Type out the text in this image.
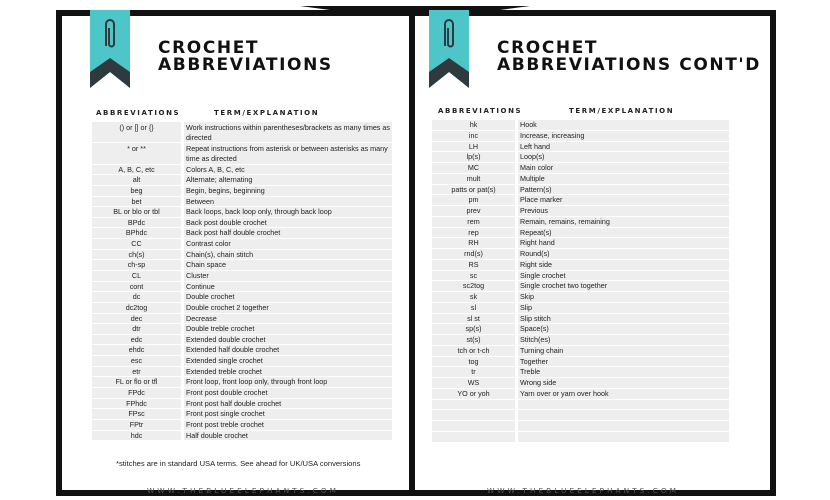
CROCHET ABBREVIATIONS
ABBREVIATIONS	TERM/EXPLANATION
() or [] or {}	Work instructions within parentheses/brackets as many times as directed
* or **	Repeat instructions from asterisk or between asterisks as many time as directed
A, B, C, etc	Colors A, B, C, etc
alt	Alternate; alternating
beg	Begin, begins, beginning
bet	Between
BL or blo or tbl	Back loops, back loop only, through back loop
BPdc	Back post double crochet
BPhdc	Back post half double crochet
CC	Contrast color
ch(s)	Chain(s), chain stitch
ch-sp	Chain space
CL	Cluster
cont	Continue
dc	Double crochet
dc2tog	Double crochet 2 together
dec	Decrease
dtr	Double treble crochet
edc	Extended double crochet
ehdc	Extended half double crochet
esc	Extended single crochet
etr	Extended treble crochet
FL or flo or tfl	Front loop, front loop only, through front loop
FPdc	Front post double crochet
FPhdc	Front post half double crochet
FPsc	Front post single crochet
FPtr	Front post treble crochet
hdc	Half double crochet
*stitches are in standard USA terms. See ahead for UK/USA conversions
WWW.THEBLUEELEPHANTS.COM
CROCHET ABBREVIATIONS CONT'D
ABBREVIATIONS	TERM/EXPLANATION
hk	Hook
inc	Increase, increasing
LH	Left hand
lp(s)	Loop(s)
MC	Main color
mult	Multiple
patts or pat(s)	Pattern(s)
pm	Place marker
prev	Previous
rem	Remain, remains, remaining
rep	Repeat(s)
RH	Right hand
rnd(s)	Round(s)
RS	Right side
sc	Single crochet
sc2tog	Single crochet two together
sk	Skip
sl	Slip
sl st	Slip stitch
sp(s)	Space(s)
st(s)	Stitch(es)
tch or t-ch	Turning chain
tog	Together
tr	Treble
WS	Wrong side
YO or yoh	Yarn over or yarn over hook
WWW.THEBLUEELEPHANTS.COM
